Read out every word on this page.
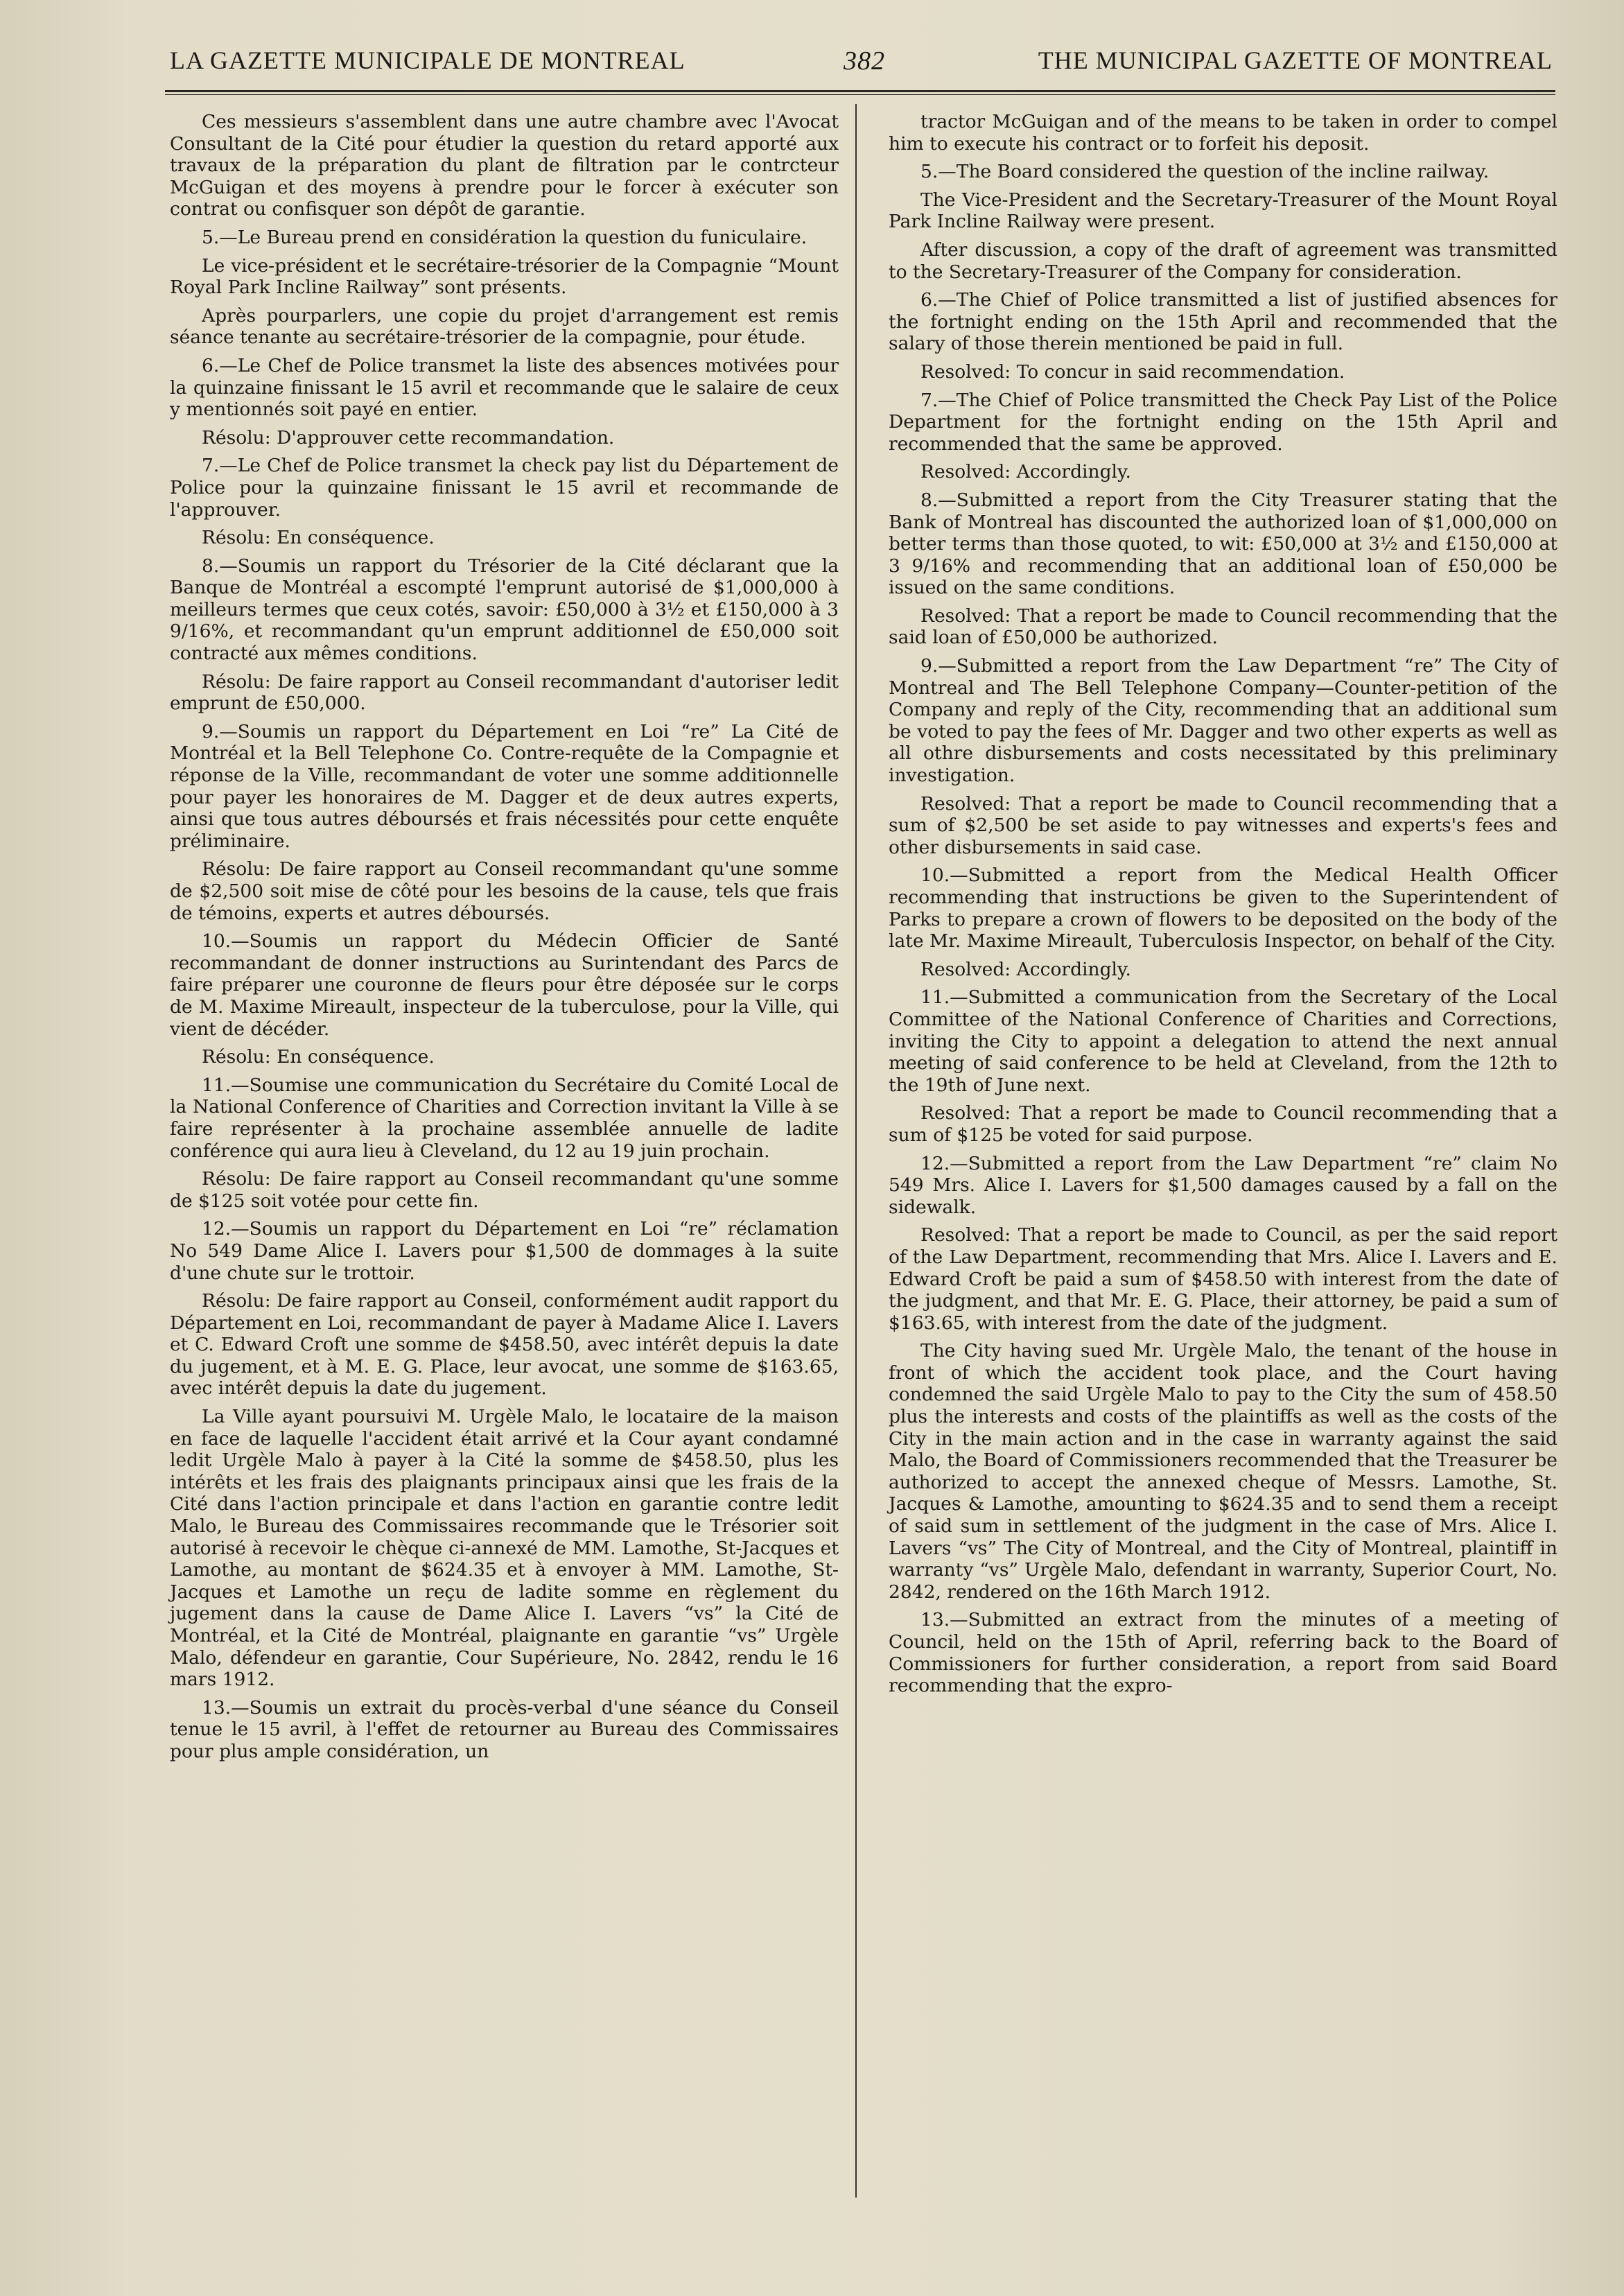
LA GAZETTE MUNICIPALE DE MONTREAL	382	THE MUNICIPAL GAZETTE OF MONTREAL

Ces messieurs s'assemblent dans une autre chambre avec l'Avocat Consultant de la Cité pour étudier la question du retard apporté aux travaux de la préparation du plant de filtration par le contrcteur McGuigan et des moyens à prendre pour le forcer à exécuter son contrat ou confisquer son dépôt de garantie.

5.—Le Bureau prend en considération la question du funiculaire.

Le vice-président et le secrétaire-trésorier de la Compagnie “Mount Royal Park Incline Railway” sont présents.

Après pourparlers, une copie du projet d'arrangement est remis séance tenante au secrétaire-trésorier de la compagnie, pour étude.

6.—Le Chef de Police transmet la liste des absences motivées pour la quinzaine finissant le 15 avril et recommande que le salaire de ceux y mentionnés soit payé en entier.

Résolu: D'approuver cette recommandation.

7.—Le Chef de Police transmet la check pay list du Département de Police pour la quinzaine finissant le 15 avril et recommande de l'approuver.

Résolu: En conséquence.

8.—Soumis un rapport du Trésorier de la Cité déclarant que la Banque de Montréal a escompté l'emprunt autorisé de $1,000,000 à meilleurs termes que ceux cotés, savoir: £50,000 à 3½ et £150,000 à 3 9/16%, et recommandant qu'un emprunt additionnel de £50,000 soit contracté aux mêmes conditions.

Résolu: De faire rapport au Conseil recommandant d'autoriser ledit emprunt de £50,000.

9.—Soumis un rapport du Département en Loi “re” La Cité de Montréal et la Bell Telephone Co. Contre-requête de la Compagnie et réponse de la Ville, recommandant de voter une somme additionnelle pour payer les honoraires de M. Dagger et de deux autres experts, ainsi que tous autres déboursés et frais nécessités pour cette enquête préliminaire.

Résolu: De faire rapport au Conseil recommandant qu'une somme de $2,500 soit mise de côté pour les besoins de la cause, tels que frais de témoins, experts et autres déboursés.

10.—Soumis un rapport du Médecin Officier de Santé recommandant de donner instructions au Surintendant des Parcs de faire préparer une couronne de fleurs pour être déposée sur le corps de M. Maxime Mireault, inspecteur de la tuberculose, pour la Ville, qui vient de décéder.

Résolu: En conséquence.

11.—Soumise une communication du Secrétaire du Comité Local de la National Conference of Charities and Correction invitant la Ville à se faire représenter à la prochaine assemblée annuelle de ladite conférence qui aura lieu à Cleveland, du 12 au 19 juin prochain.

Résolu: De faire rapport au Conseil recommandant qu'une somme de $125 soit votée pour cette fin.

12.—Soumis un rapport du Département en Loi “re” réclamation No 549 Dame Alice I. Lavers pour $1,500 de dommages à la suite d'une chute sur le trottoir.

Résolu: De faire rapport au Conseil, conformément audit rapport du Département en Loi, recommandant de payer à Madame Alice I. Lavers et C. Edward Croft une somme de $458.50, avec intérêt depuis la date du jugement, et à M. E. G. Place, leur avocat, une somme de $163.65, avec intérêt depuis la date du jugement.

La Ville ayant poursuivi M. Urgèle Malo, le locataire de la maison en face de laquelle l'accident était arrivé et la Cour ayant condamné ledit Urgèle Malo à payer à la Cité la somme de $458.50, plus les intérêts et les frais des plaignants principaux ainsi que les frais de la Cité dans l'action principale et dans l'action en garantie contre ledit Malo, le Bureau des Commissaires recommande que le Trésorier soit autorisé à recevoir le chèque ci-annexé de MM. Lamothe, St-Jacques et Lamothe, au montant de $624.35 et à envoyer à MM. Lamothe, St-Jacques et Lamothe un reçu de ladite somme en règlement du jugement dans la cause de Dame Alice I. Lavers “vs” la Cité de Montréal, et la Cité de Montréal, plaignante en garantie “vs” Urgèle Malo, défendeur en garantie, Cour Supérieure, No. 2842, rendu le 16 mars 1912.

13.—Soumis un extrait du procès-verbal d'une séance du Conseil tenue le 15 avril, à l'effet de retourner au Bureau des Commissaires pour plus ample considération, un

tractor McGuigan and of the means to be taken in order to compel him to execute his contract or to forfeit his deposit.

5.—The Board considered the question of the incline railway.

The Vice-President and the Secretary-Treasurer of the Mount Royal Park Incline Railway were present.

After discussion, a copy of the draft of agreement was transmitted to the Secretary-Treasurer of the Company for consideration.

6.—The Chief of Police transmitted a list of justified absences for the fortnight ending on the 15th April and recommended that the salary of those therein mentioned be paid in full.

Resolved: To concur in said recommendation.

7.—The Chief of Police transmitted the Check Pay List of the Police Department for the fortnight ending on the 15th April and recommended that the same be approved.

Resolved: Accordingly.

8.—Submitted a report from the City Treasurer stating that the Bank of Montreal has discounted the authorized loan of $1,000,000 on better terms than those quoted, to wit: £50,000 at 3½ and £150,000 at 3 9/16% and recommending that an additional loan of £50,000 be issued on the same conditions.

Resolved: That a report be made to Council recommending that the said loan of £50,000 be authorized.

9.—Submitted a report from the Law Department “re” The City of Montreal and The Bell Telephone Company—Counter-petition of the Company and reply of the City, recommending that an additional sum be voted to pay the fees of Mr. Dagger and two other experts as well as all othre disbursements and costs necessitated by this preliminary investigation.

Resolved: That a report be made to Council recommending that a sum of $2,500 be set aside to pay witnesses and experts's fees and other disbursements in said case.

10.—Submitted a report from the Medical Health Officer recommending that instructions be given to the Superintendent of Parks to prepare a crown of flowers to be deposited on the body of the late Mr. Maxime Mireault, Tuberculosis Inspector, on behalf of the City.

Resolved: Accordingly.

11.—Submitted a communication from the Secretary of the Local Committee of the National Conference of Charities and Corrections, inviting the City to appoint a delegation to attend the next annual meeting of said conference to be held at Cleveland, from the 12th to the 19th of June next.

Resolved: That a report be made to Council recommending that a sum of $125 be voted for said purpose.

12.—Submitted a report from the Law Department “re” claim No 549 Mrs. Alice I. Lavers for $1,500 damages caused by a fall on the sidewalk.

Resolved: That a report be made to Council, as per the said report of the Law Department, recommending that Mrs. Alice I. Lavers and E. Edward Croft be paid a sum of $458.50 with interest from the date of the judgment, and that Mr. E. G. Place, their attorney, be paid a sum of $163.65, with interest from the date of the judgment.

The City having sued Mr. Urgèle Malo, the tenant of the house in front of which the accident took place, and the Court having condemned the said Urgèle Malo to pay to the City the sum of 458.50 plus the interests and costs of the plaintiffs as well as the costs of the City in the main action and in the case in warranty against the said Malo, the Board of Commissioners recommended that the Treasurer be authorized to accept the annexed cheque of Messrs. Lamothe, St. Jacques & Lamothe, amounting to $624.35 and to send them a receipt of said sum in settlement of the judgment in the case of Mrs. Alice I. Lavers “vs” The City of Montreal, and the City of Montreal, plaintiff in warranty “vs” Urgèle Malo, defendant in warranty, Superior Court, No. 2842, rendered on the 16th March 1912.

13.—Submitted an extract from the minutes of a meeting of Council, held on the 15th of April, referring back to the Board of Commissioners for further consideration, a report from said Board recommending that the expro-
